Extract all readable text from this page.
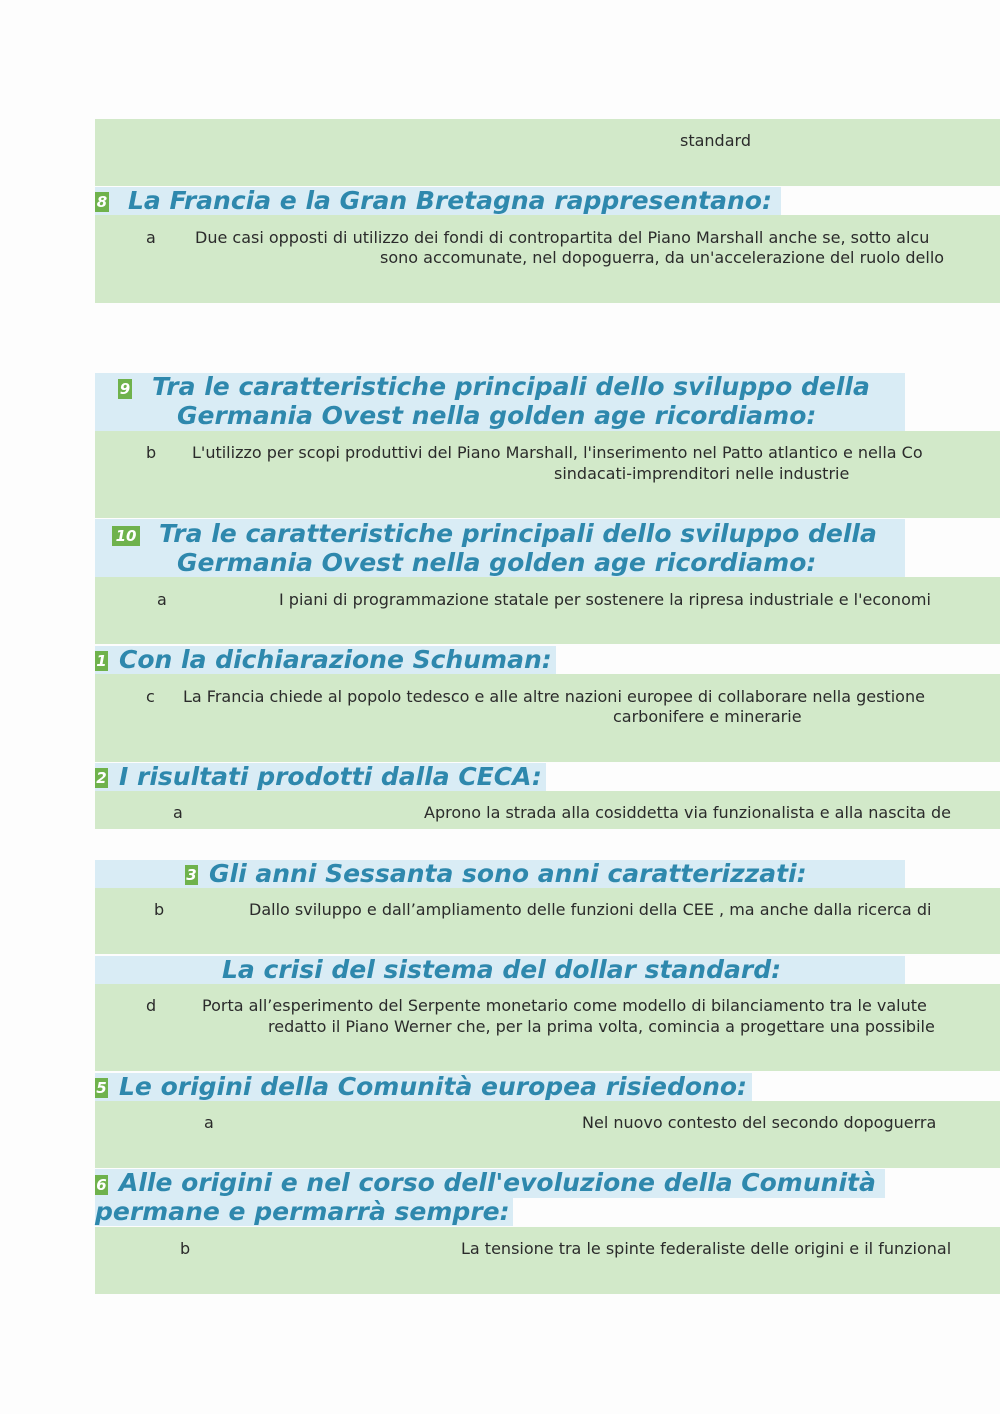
standard
8 La Francia e la Gran Bretagna rappresentano:
a Due casi opposti di utilizzo dei fondi di contropartita del Piano Marshall anche se, sotto alcu
sono accomunate, nel dopoguerra, da un'accelerazione del ruolo dello
9 Tra le caratteristiche principali dello sviluppo della
Germania Ovest nella golden age ricordiamo:
b L'utilizzo per scopi produttivi del Piano Marshall, l'inserimento nel Patto atlantico e nella Co
sindacati-imprenditori nelle industrie
10 Tra le caratteristiche principali dello sviluppo della
Germania Ovest nella golden age ricordiamo:
a	I piani di programmazione statale per sostenere la ripresa industriale e l'economi
1 Con la dichiarazione Schuman:
c La Francia chiede al popolo tedesco e alle altre nazioni europee di collaborare nella gestione
carbonifere e minerarie
2 I risultati prodotti dalla CECA:
a	Aprono la strada alla cosiddetta via funzionalista e alla nascita de
3 Gli anni Sessanta sono anni caratterizzati:
b	Dallo sviluppo e dall’ampliamento delle funzioni della CEE , ma anche dalla ricerca di
La crisi del sistema del dollar standard:
d	Porta all’esperimento del Serpente monetario come modello di bilanciamento tra le valute
redatto il Piano Werner che, per la prima volta, comincia a progettare una possibile
5 Le origini della Comunità europea risiedono:
a	Nel nuovo contesto del secondo dopoguerra
6 Alle origini e nel corso dell'evoluzione della Comunità
permane e permarrà sempre:
b	La tensione tra le spinte federaliste delle origini e il funzional
